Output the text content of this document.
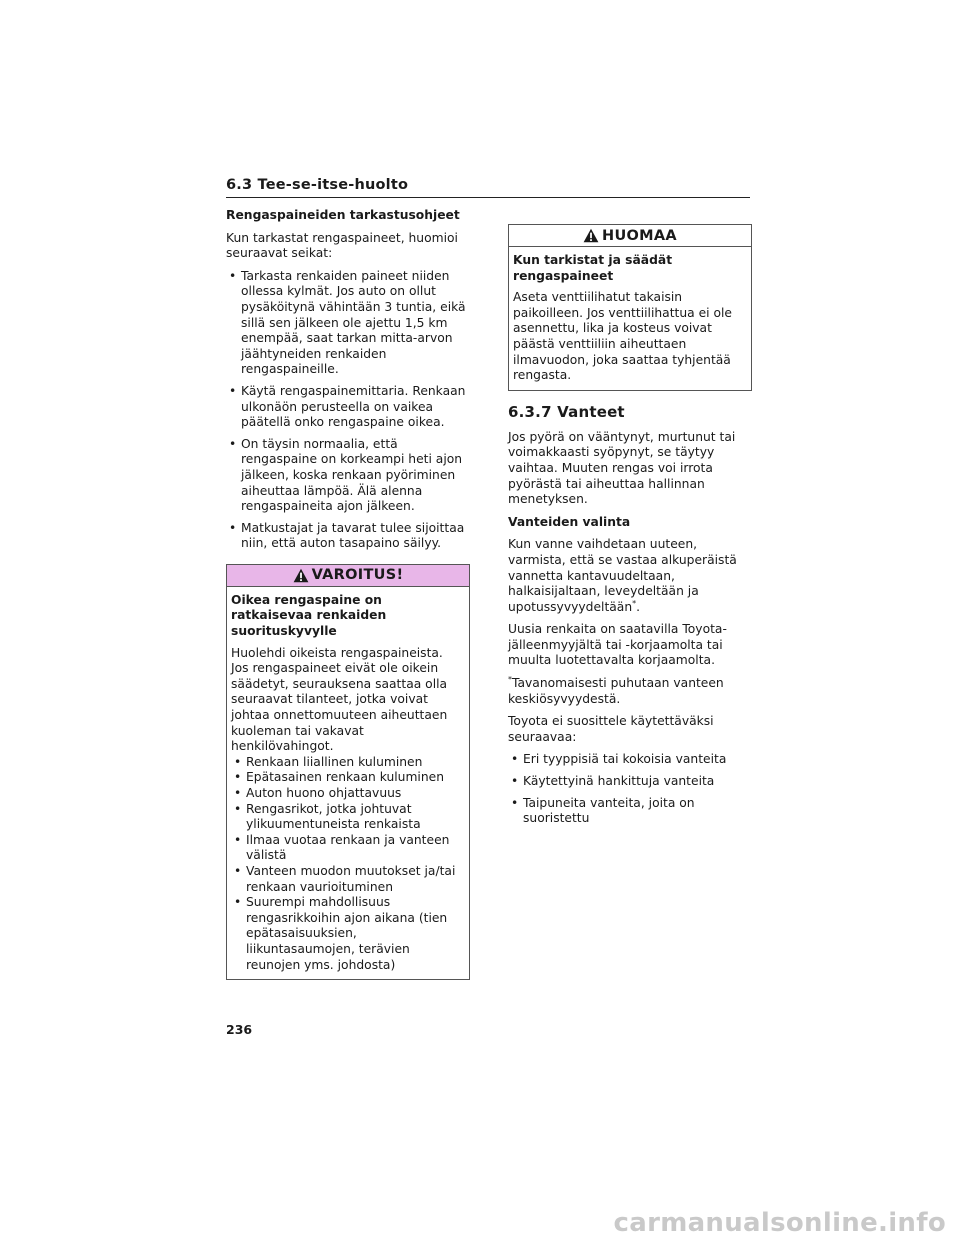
6.3 Tee-se-itse-huolto
Rengaspaineiden tarkastusohjeet

Kun tarkastat rengaspaineet, huomioi seuraavat seikat:

• Tarkasta renkaiden paineet niiden ollessa kylmät. Jos auto on ollut pysäköitynä vähintään 3 tuntia, eikä sillä sen jälkeen ole ajettu 1,5 km enempää, saat tarkan mitta-arvon jäähtyneiden renkaiden rengaspaineille.
• Käytä rengaspainemittaria. Renkaan ulkonäön perusteella on vaikea päätellä onko rengaspaine oikea.
• On täysin normaalia, että rengaspaine on korkeampi heti ajon jälkeen, koska renkaan pyöriminen aiheuttaa lämpöä. Älä alenna rengaspaineita ajon jälkeen.
• Matkustajat ja tavarat tulee sijoittaa niin, että auton tasapaino säilyy.
VAROITUS!
Oikea rengaspaine on ratkaisevaa renkaiden suorituskyvylle

Huolehdi oikeista rengaspaineista. Jos rengaspaineet eivät ole oikein säädetyt, seurauksena saattaa olla seuraavat tilanteet, jotka voivat johtaa onnettomuuteen aiheuttaen kuoleman tai vakavat henkilövahingot.

• Renkaan liiallinen kuluminen
• Epätasainen renkaan kuluminen
• Auton huono ohjattavuus
• Rengasrikot, jotka johtuvat ylikuumentuneista renkaista
• Ilmaa vuotaa renkaan ja vanteen välistä
• Vanteen muodon muutokset ja/tai renkaan vaurioituminen
• Suurempi mahdollisuus rengasrikkoihin ajon aikana (tien epätasaisuuksien, liikuntasaumojen, terävien reunojen yms. johdosta)
HUOMAA
Kun tarkistat ja säädät rengaspaineet

Aseta venttiilihatut takaisin paikoilleen. Jos venttiilihattua ei ole asennettu, lika ja kosteus voivat päästä venttiiliin aiheuttaen ilmavuodon, joka saattaa tyhjentää rengasta.

6.3.7 Vanteet

Jos pyörä on vääntynyt, murtunut tai voimakkaasti syöpynyt, se täytyy vaihtaa. Muuten rengas voi irrota pyörästä tai aiheuttaa hallinnan menetyksen.

Vanteiden valinta

Kun vanne vaihdetaan uuteen, varmista, että se vastaa alkuperäistä vannetta kantavuudeltaan, halkaisijaltaan, leveydeltään ja upotussyvyydeltään*.

Uusia renkaita on saatavilla Toyota-jälleenmyyjältä tai -korjaamolta tai muulta luotettavalta korjaamolta.

*Tavanomaisesti puhutaan vanteen keskiösyvyydestä.

Toyota ei suosittele käytettäväksi seuraavaa:

• Eri tyyppisiä tai kokoisia vanteita
• Käytettyinä hankittuja vanteita
• Taipuneita vanteita, joita on suoristettu
236
carmanualsonline.info
